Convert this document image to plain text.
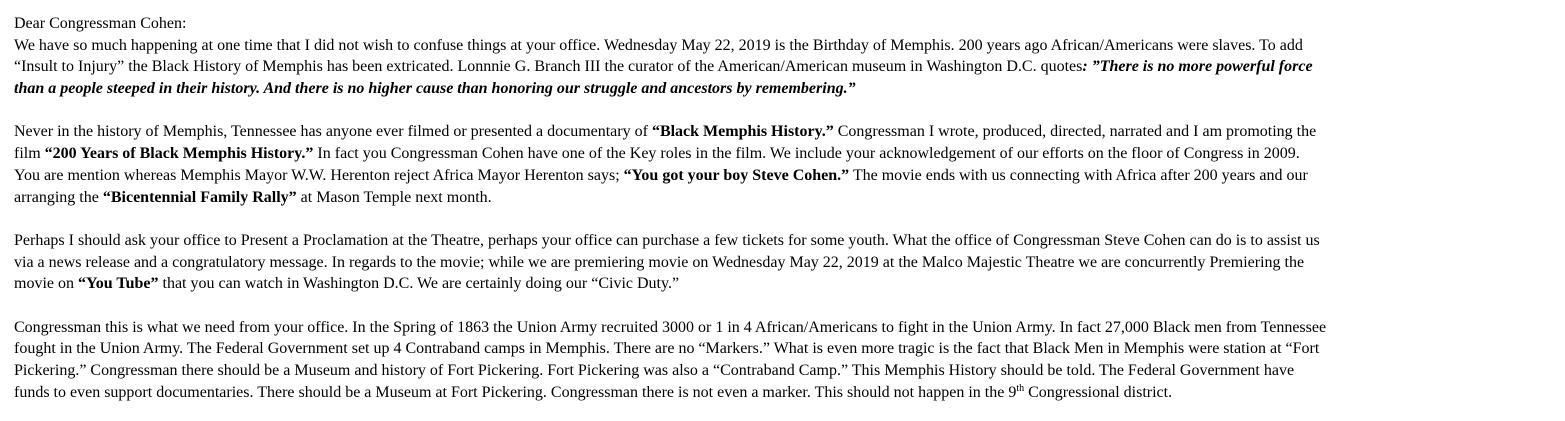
Dear Congressman Cohen:
We have so much happening at one time that I did not wish to confuse things at your office. Wednesday May 22, 2019 is the Birthday of Memphis. 200 years ago African/Americans were slaves. To add
“Insult to Injury” the Black History of Memphis has been extricated. Lonnnie G. Branch III the curator of the American/American museum in Washington D.C. quotes: ”There is no more powerful force
than a people steeped in their history. And there is no higher cause than honoring our struggle and ancestors by remembering.”
Never in the history of Memphis, Tennessee has anyone ever filmed or presented a documentary of “Black Memphis History.” Congressman I wrote, produced, directed, narrated and I am promoting the
film “200 Years of Black Memphis History.” In fact you Congressman Cohen have one of the Key roles in the film. We include your acknowledgement of our efforts on the floor of Congress in 2009.
You are mention whereas Memphis Mayor W.W. Herenton reject Africa Mayor Herenton says; “You got your boy Steve Cohen.” The movie ends with us connecting with Africa after 200 years and our
arranging the “Bicentennial Family Rally” at Mason Temple next month.
Perhaps I should ask your office to Present a Proclamation at the Theatre, perhaps your office can purchase a few tickets for some youth. What the office of Congressman Steve Cohen can do is to assist us
via a news release and a congratulatory message. In regards to the movie; while we are premiering movie on Wednesday May 22, 2019 at the Malco Majestic Theatre we are concurrently Premiering the
movie on “You Tube” that you can watch in Washington D.C. We are certainly doing our “Civic Duty.”
Congressman this is what we need from your office. In the Spring of 1863 the Union Army recruited 3000 or 1 in 4 African/Americans to fight in the Union Army. In fact 27,000 Black men from Tennessee
fought in the Union Army. The Federal Government set up 4 Contraband camps in Memphis. There are no “Markers.” What is even more tragic is the fact that Black Men in Memphis were station at “Fort
Pickering.” Congressman there should be a Museum and history of Fort Pickering. Fort Pickering was also a “Contraband Camp.” This Memphis History should be told. The Federal Government have
funds to even support documentaries. There should be a Museum at Fort Pickering. Congressman there is not even a marker. This should not happen in the 9th Congressional district.
